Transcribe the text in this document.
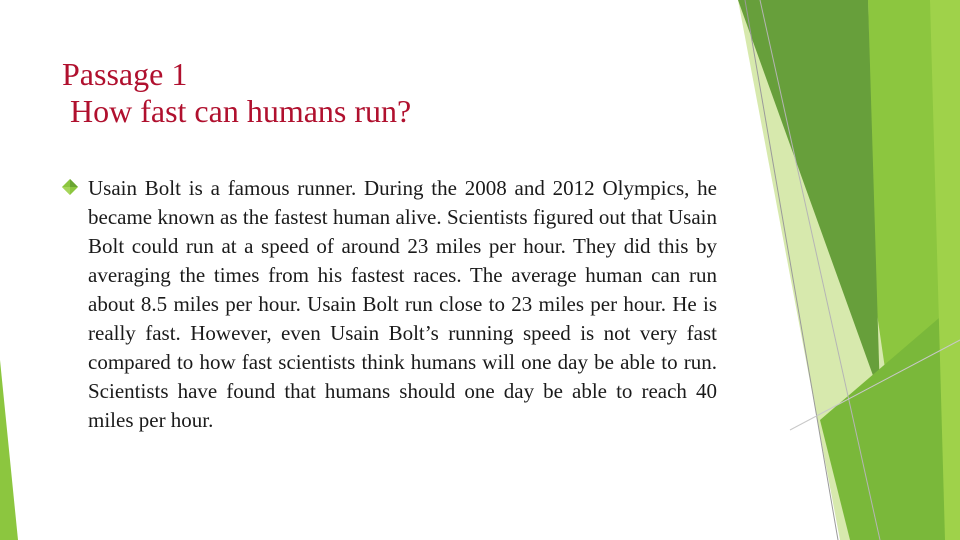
Passage 1
How fast can humans run?

Usain Bolt is a famous runner. During the 2008 and 2012 Olympics, he became known as the fastest human alive. Scientists figured out that Usain Bolt could run at a speed of around 23 miles per hour. They did this by averaging the times from his fastest races. The average human can run about 8.5 miles per hour. Usain Bolt run close to 23 miles per hour. He is really fast. However, even Usain Bolt’s running speed is not very fast compared to how fast scientists think humans will one day be able to run. Scientists have found that humans should one day be able to reach 40 miles per hour.
